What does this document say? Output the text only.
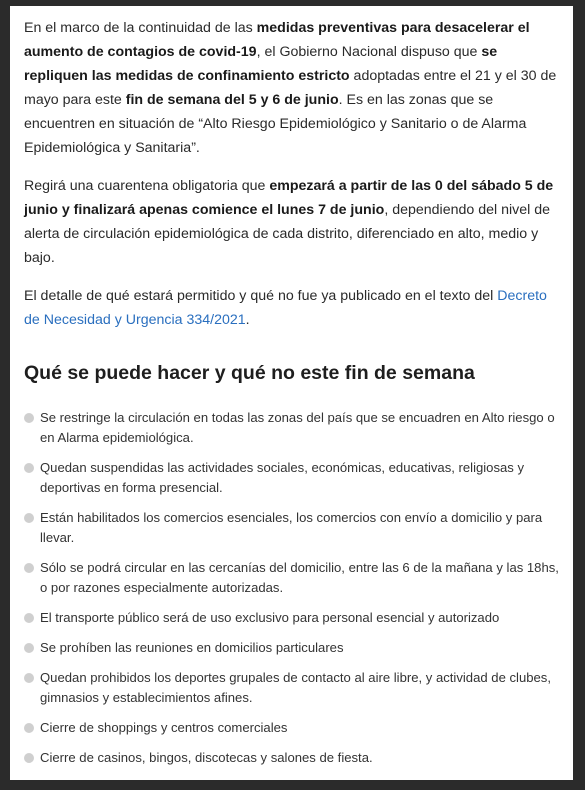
En el marco de la continuidad de las medidas preventivas para desacelerar el aumento de contagios de covid-19, el Gobierno Nacional dispuso que se repliquen las medidas de confinamiento estricto adoptadas entre el 21 y el 30 de mayo para este fin de semana del 5 y 6 de junio. Es en las zonas que se encuentren en situación de “Alto Riesgo Epidemiológico y Sanitario o de Alarma Epidemiológica y Sanitaria”.

Regirá una cuarentena obligatoria que empezará a partir de las 0 del sábado 5 de junio y finalizará apenas comience el lunes 7 de junio, dependiendo del nivel de alerta de circulación epidemiológica de cada distrito, diferenciado en alto, medio y bajo.

El detalle de qué estará permitido y qué no fue ya publicado en el texto del Decreto de Necesidad y Urgencia 334/2021.

Qué se puede hacer y qué no este fin de semana
Se restringe la circulación en todas las zonas del país que se encuadren en Alto riesgo o en Alarma epidemiológica.
Quedan suspendidas las actividades sociales, económicas, educativas, religiosas y deportivas en forma presencial.
Están habilitados los comercios esenciales, los comercios con envío a domicilio y para llevar.
Sólo se podrá circular en las cercanías del domicilio, entre las 6 de la mañana y las 18hs, o por razones especialmente autorizadas.
El transporte público será de uso exclusivo para personal esencial y autorizado
Se prohíben las reuniones en domicilios particulares
Quedan prohibidos los deportes grupales de contacto al aire libre, y actividad de clubes, gimnasios y establecimientos afines.
Cierre de shoppings y centros comerciales
Cierre de casinos, bingos, discotecas y salones de fiesta.
